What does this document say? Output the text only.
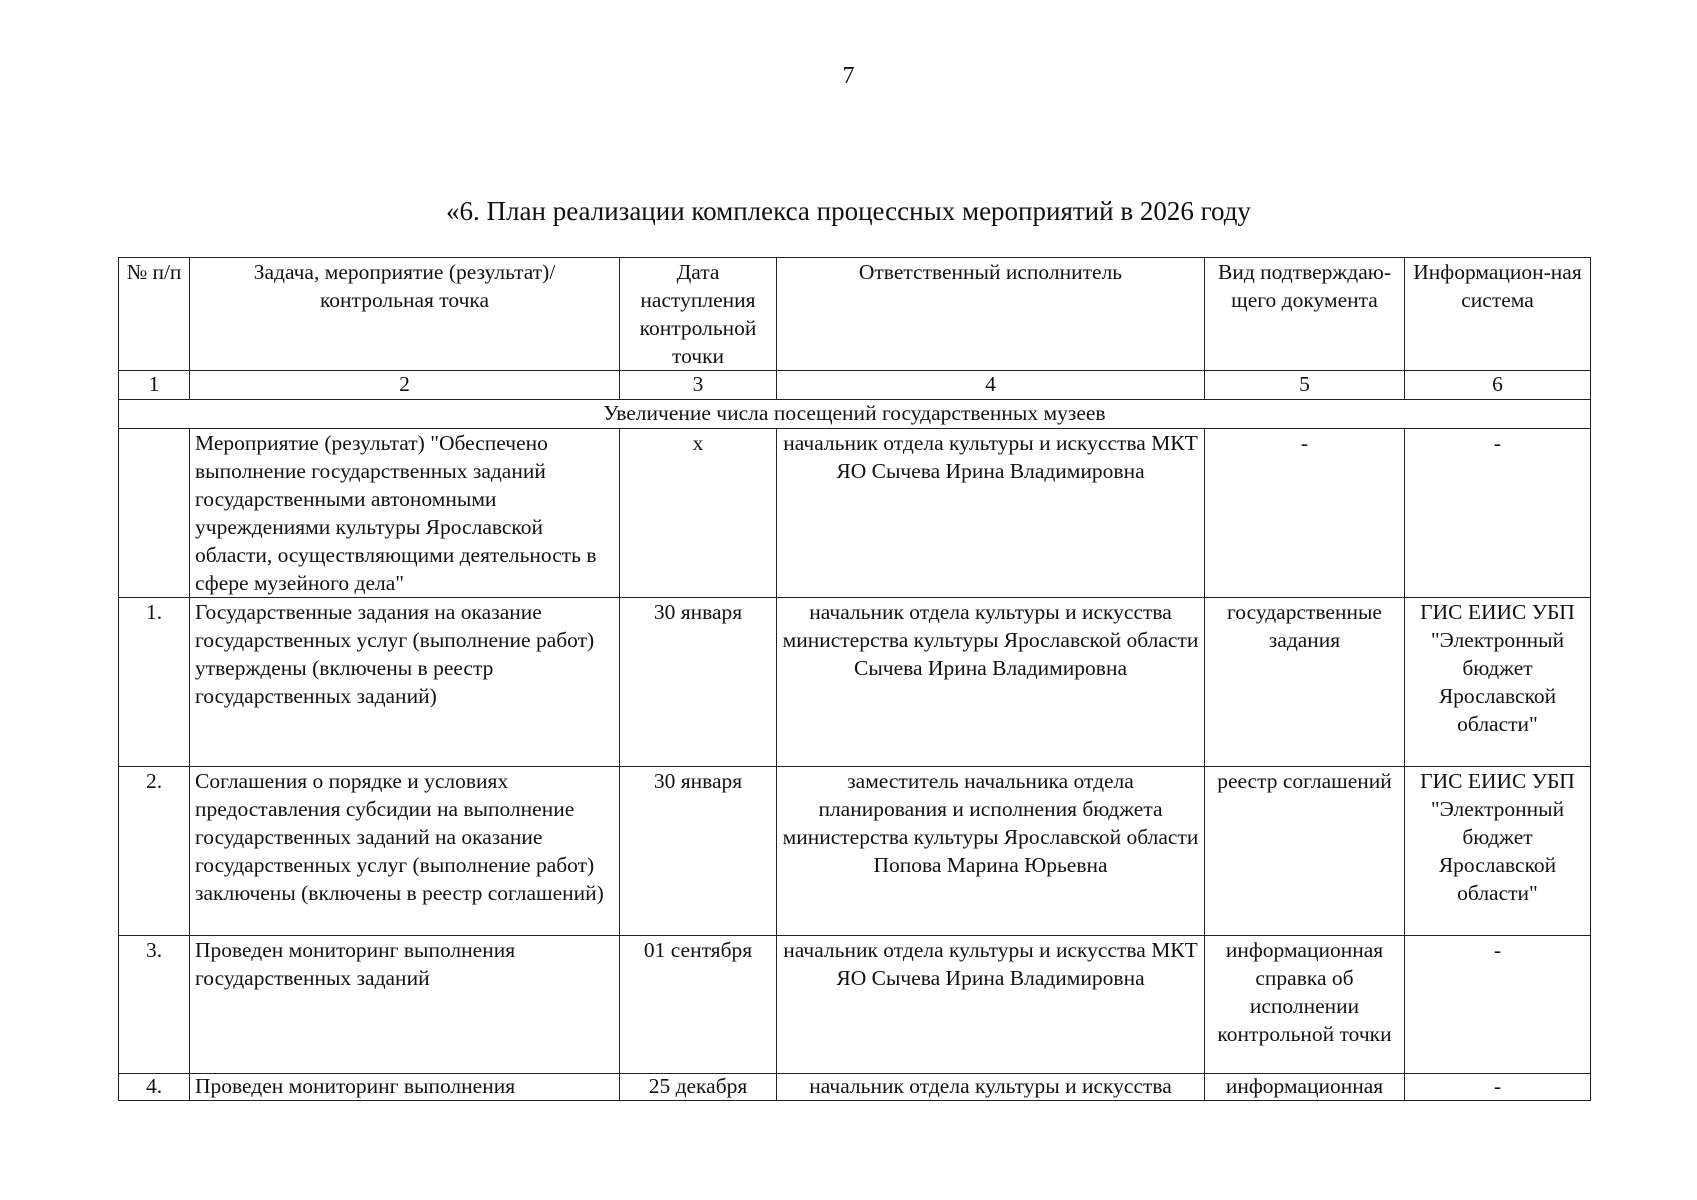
7
«6. План реализации комплекса процессных мероприятий в 2026 году
№ п/п	Задача, мероприятие (результат)/ контрольная точка	Дата наступления контрольной точки	Ответственный исполнитель	Вид подтверждаю-щего документа	Информацион-ная система
1	2	3	4	5	6
Увеличение числа посещений государственных музеев					
	Мероприятие (результат) "Обеспечено выполнение государственных заданий государственными автономными учреждениями культуры Ярославской области, осуществляющими деятельность в сфере музейного дела"	х	начальник отдела культуры и искусства МКТ ЯО Сычева Ирина Владимировна	-	-
1.	Государственные задания на оказание государственных услуг (выполнение работ) утверждены (включены в реестр государственных заданий)	30 января	начальник отдела культуры и искусства министерства культуры Ярославской области Сычева Ирина Владимировна	государственные задания	ГИС ЕИИС УБП "Электронный бюджет Ярославской области"
2.	Соглашения о порядке и условиях предоставления субсидии на выполнение государственных заданий на оказание государственных услуг (выполнение работ) заключены (включены в реестр соглашений)	30 января	заместитель начальника отдела планирования и исполнения бюджета министерства культуры Ярославской области Попова Марина Юрьевна	реестр соглашений	ГИС ЕИИС УБП "Электронный бюджет Ярославской области"
3.	Проведен мониторинг выполнения государственных заданий	01 сентября	начальник отдела культуры и искусства МКТ ЯО Сычева Ирина Владимировна	информационная справка об исполнении контрольной точки	-
4.	Проведен мониторинг выполнения	25 декабря	начальник отдела культуры и искусства	информационная	-
